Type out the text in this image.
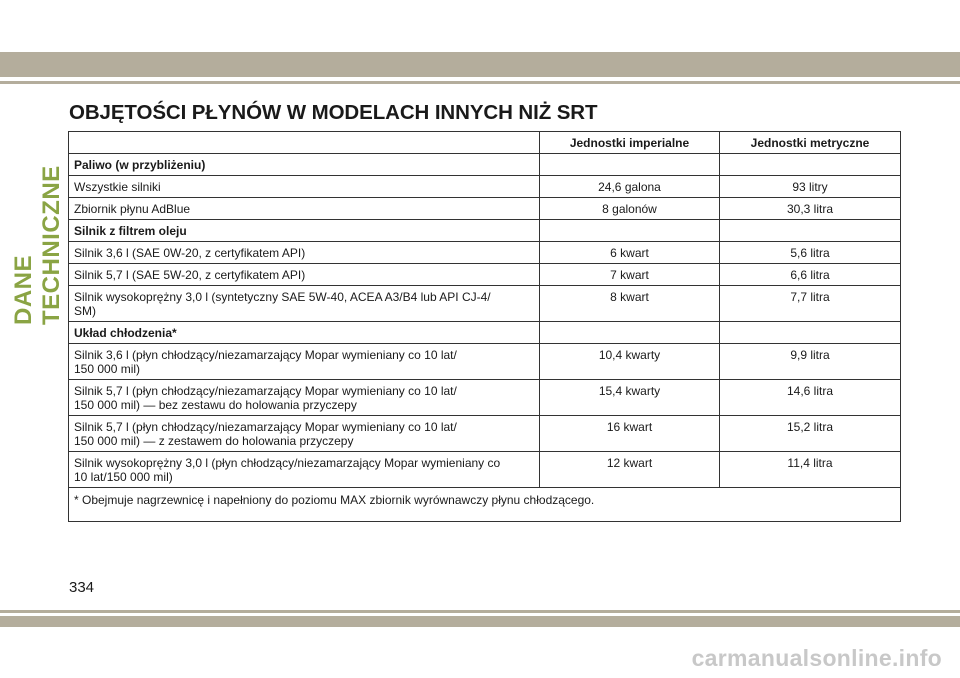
DANE TECHNICZNE
OBJĘTOŚCI PŁYNÓW W MODELACH INNYCH NIŻ SRT
	Jednostki imperialne	Jednostki metryczne
Paliwo (w przybliżeniu)		
Wszystkie silniki	24,6 galona	93 litry
Zbiornik płynu AdBlue	8 galonów	30,3 litra
Silnik z filtrem oleju		
Silnik 3,6 l (SAE 0W-20, z certyfikatem API)	6 kwart	5,6 litra
Silnik 5,7 l (SAE 5W-20, z certyfikatem API)	7 kwart	6,6 litra
Silnik wysokoprężny 3,0 l (syntetyczny SAE 5W-40, ACEA A3/B4 lub API CJ-4/
SM)	8 kwart	7,7 litra
Układ chłodzenia*		
Silnik 3,6 l (płyn chłodzący/niezamarzający Mopar wymieniany co 10 lat/
150 000 mil)	10,4 kwarty	9,9 litra
Silnik 5,7 l (płyn chłodzący/niezamarzający Mopar wymieniany co 10 lat/
150 000 mil) — bez zestawu do holowania przyczepy	15,4 kwarty	14,6 litra
Silnik 5,7 l (płyn chłodzący/niezamarzający Mopar wymieniany co 10 lat/
150 000 mil) — z zestawem do holowania przyczepy	16 kwart	15,2 litra
Silnik wysokoprężny 3,0 l (płyn chłodzący/niezamarzający Mopar wymieniany co
10 lat/150 000 mil)	12 kwart	11,4 litra
* Obejmuje nagrzewnicę i napełniony do poziomu MAX zbiornik wyrównawczy płynu chłodzącego.		
334
carmanualsonline.info
